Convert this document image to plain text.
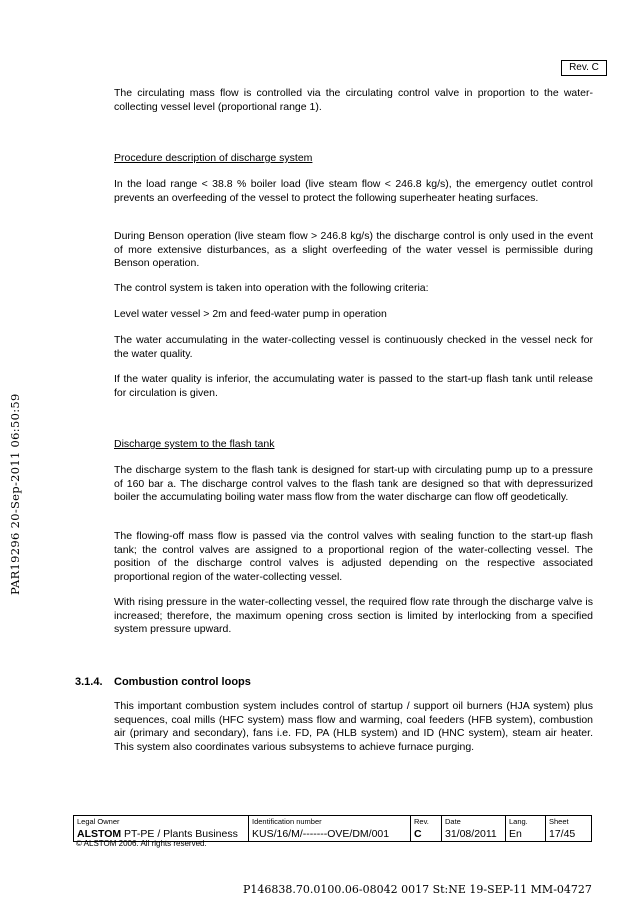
Rev. C
PAR19296 20-Sep-2011 06:50:59
The circulating mass flow is controlled via the circulating control valve in proportion to the water-collecting vessel level (proportional range 1).
Procedure description of discharge system
In the load range < 38.8 % boiler load (live steam flow < 246.8 kg/s), the emergency outlet control prevents an overfeeding of the vessel to protect the following superheater heating surfaces.
During Benson operation (live steam flow > 246.8 kg/s) the discharge control is only used in the event of more extensive disturbances, as a slight overfeeding of the water vessel is permissible during Benson operation.
The control system is taken into operation with the following criteria:
Level water vessel > 2m and feed-water pump in operation
The water accumulating in the water-collecting vessel is continuously checked in the vessel neck for the water quality.
If the water quality is inferior, the accumulating water is passed to the start-up flash tank until release for circulation is given.
Discharge system to the flash tank
The discharge system to the flash tank is designed for start-up with circulating pump up to a pressure of 160 bar a. The discharge control valves to the flash tank are designed so that with depressurized boiler the accumulating boiling water mass flow from the water discharge can flow off geodetically.
The flowing-off mass flow is passed via the control valves with sealing function to the start-up flash tank; the control valves are assigned to a proportional region of the water-collecting vessel. The position of the discharge control valves is adjusted depending on the respective associated proportional region of the water-collecting vessel.
With rising pressure in the water-collecting vessel, the required flow rate through the discharge valve is increased; therefore, the maximum opening cross section is limited by interlocking from a specified system pressure upward.
3.1.4. Combustion control loops
This important combustion system includes control of startup / support oil burners (HJA system) plus sequences, coal mills (HFC system) mass flow and warming, coal feeders (HFB system), combustion air (primary and secondary), fans i.e. FD, PA (HLB system) and ID (HNC system), steam air heater. This system also coordinates various subsystems to achieve furnace purging.
Legal Owner	Identification number	Rev.	Date	Lang.	Sheet
ALSTOM PT-PE / Plants Business	KUS/16/M/-------OVE/DM/001	C	31/08/2011	En	17/45
© ALSTOM 2006. All rights reserved.
P146838.70.0100.06-08042 0017 St:NE 19-SEP-11 MM-04727
